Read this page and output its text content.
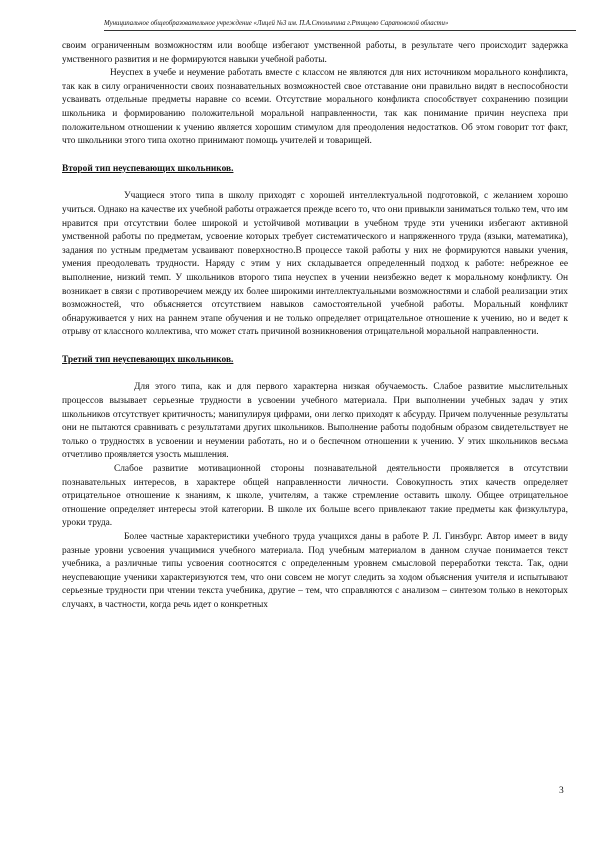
Муниципальное общеобразовательное учреждение «Лицей №3 им. П.А.Столыпина г.Ртищево Саратовской области»

своим ограниченным возможностям или вообще избегают умственной работы, в результате чего происходит задержка умственного развития и не формируются навыки учебной работы.

Неуспех в учебе и неумение работать вместе с классом не являются для них источником морального конфликта, так как в силу ограниченности своих познавательных возможностей свое отставание они правильно видят в неспособности усваивать отдельные предметы наравне со всеми. Отсутствие морального конфликта способствует сохранению позиции школьника и формированию положительной моральной направленности, так как понимание причин неуспеха при положительном отношении к учению является хорошим стимулом для преодоления недостатков. Об этом говорит тот факт, что школьники этого типа охотно принимают помощь учителей и товарищей.

Второй тип неуспевающих школьников.

Учащиеся этого типа в школу приходят с хорошей интеллектуальной подготовкой, с желанием хорошо учиться. Однако на качестве их учебной работы отражается прежде всего то, что они привыкли заниматься только тем, что им нравится при отсутствии более широкой и устойчивой мотивации в учебном труде эти ученики избегают активной умственной работы по предметам, усвоение которых требует систематического и напряженного труда (языки, математика), задания по устным предметам усваивают поверхностно.В процессе такой работы у них не формируются навыки учения, умения преодолевать трудности. Наряду с этим у них складывается определенный подход к работе: небрежное ее выполнение, низкий темп. У школьников второго типа неуспех в учении неизбежно ведет к моральному конфликту. Он возникает в связи с противоречием между их более широкими интеллектуальными возможностями и слабой реализации этих возможностей, что объясняется отсутствием навыков самостоятельной учебной работы. Моральный конфликт обнаруживается у них на раннем этапе обучения и не только определяет отрицательное отношение к учению, но и ведет к отрыву от классного коллектива, что может стать причиной возникновения отрицательной моральной направленности.

Третий тип неуспевающих школьников.

Для этого типа, как и для первого характерна низкая обучаемость. Слабое развитие мыслительных процессов вызывает серьезные трудности в усвоении учебного материала. При выполнении учебных задач у этих школьников отсутствует критичность; манипулируя цифрами, они легко приходят к абсурду. Причем полученные результаты они не пытаются сравнивать с результатами других школьников. Выполнение работы подобным образом свидетельствует не только о трудностях в усвоении и неумении работать, но и о беспечном отношении к учению. У этих школьников весьма отчетливо проявляется узость мышления.

Слабое развитие мотивационной стороны познавательной деятельности проявляется в отсутствии познавательных интересов, в характере общей направленности личности. Совокупность этих качеств определяет отрицательное отношение к знаниям, к школе, учителям, а также стремление оставить школу. Общее отрицательное отношение определяет интересы этой категории. В школе их больше всего привлекают такие предметы как физкультура, уроки труда.

Более частные характеристики учебного труда учащихся даны в работе Р. Л. Гинзбург. Автор имеет в виду разные уровни усвоения учащимися учебного материала. Под учебным материалом в данном случае понимается текст учебника, а различные типы усвоения соотносятся с определенным уровнем смысловой переработки текста. Так, одни неуспевающие ученики характеризуются тем, что они совсем не могут следить за ходом объяснения учителя и испытывают серьезные трудности при чтении текста учебника, другие – тем, что справляются с анализом – синтезом только в некоторых случаях, в частности, когда речь идет о конкретных

3
